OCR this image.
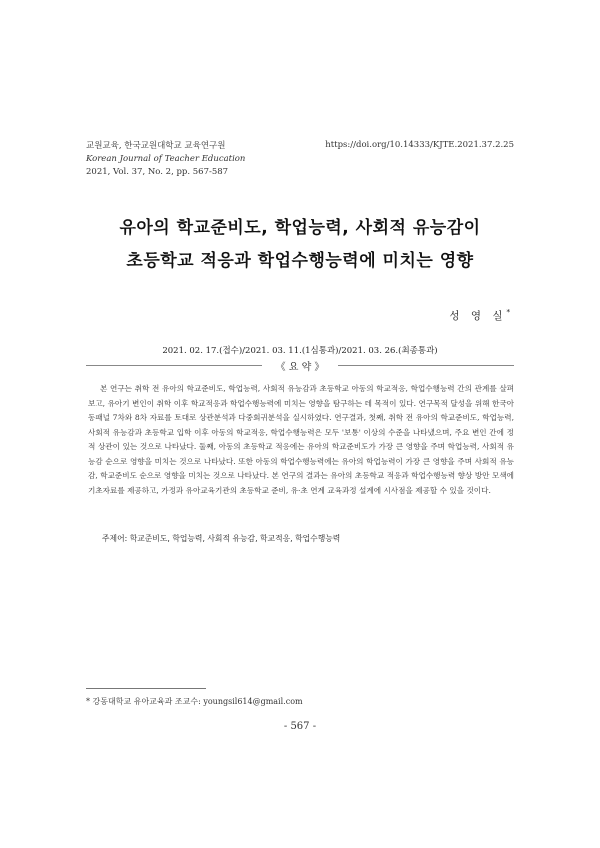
교원교육, 한국교원대학교 교육연구원
Korean Journal of Teacher Education
2021, Vol. 37, No. 2, pp. 567-587
https://doi.org/10.14333/KJTE.2021.37.2.25
유아의 학교준비도, 학업능력, 사회적 유능감이
초등학교 적응과 학업수행능력에 미치는 영향
성 영 실*
2021. 02. 17.(접수)/2021. 03. 11.(1심통과)/2021. 03. 26.(최종통과)
《 요 약 》
본 연구는 취학 전 유아의 학교준비도, 학업능력, 사회적 유능감과 초등학교 아동의 학교적응, 학업수행능력 간의 관계를 살펴보고, 유아기 변인이 취학 이후 학교적응과 학업수행능력에 미치는 영향을 탐구하는 데 목적이 있다. 연구목적 달성을 위해 한국아동패널 7차와 8차 자료를 토대로 상관분석과 다중회귀분석을 실시하였다. 연구결과, 첫째, 취학 전 유아의 학교준비도, 학업능력, 사회적 유능감과 초등학교 입학 이후 아동의 학교적응, 학업수행능력은 모두 '보통' 이상의 수준을 나타냈으며, 주요 변인 간에 정적 상관이 있는 것으로 나타났다. 둘째, 아동의 초등학교 적응에는 유아의 학교준비도가 가장 큰 영향을 주며 학업능력, 사회적 유능감 순으로 영향을 미치는 것으로 나타났다. 또한 아동의 학업수행능력에는 유아의 학업능력이 가장 큰 영향을 주며 사회적 유능감, 학교준비도 순으로 영향을 미치는 것으로 나타났다. 본 연구의 결과는 유아의 초등학교 적응과 학업수행능력 향상 방안 모색에 기초자료를 제공하고, 가정과 유아교육기관의 초등학교 준비, 유·초 연계 교육과정 설계에 시사점을 제공할 수 있을 것이다.
주제어: 학교준비도, 학업능력, 사회적 유능감, 학교적응, 학업수행능력
* 강동대학교 유아교육과 조교수: youngsil614@gmail.com
- 567 -
